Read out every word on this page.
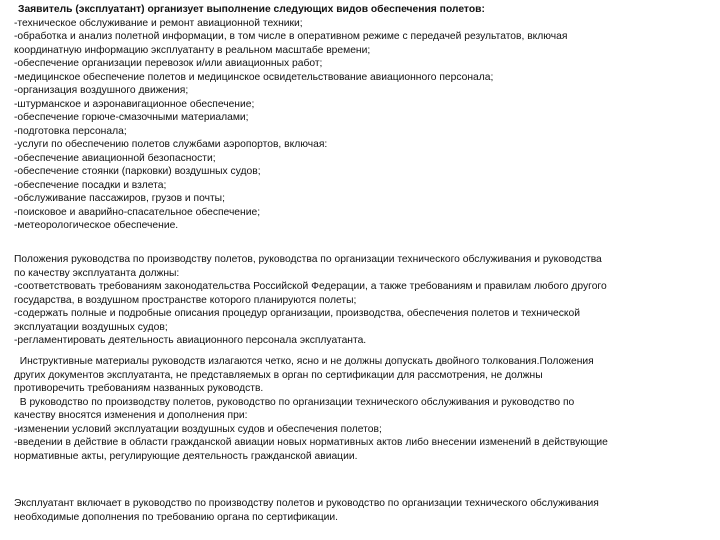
Заявитель (эксплуатант) организует выполнение следующих видов обеспечения полетов:
-техническое обслуживание и ремонт авиационной техники;
-обработка и анализ полетной информации, в том числе в оперативном режиме с передачей результатов, включая
координатную информацию эксплуатанту в реальном масштабе времени;
-обеспечение организации перевозок и/или авиационных работ;
-медицинское обеспечение полетов и медицинское освидетельствование авиационного персонала;
-организация воздушного движения;
-штурманское и аэронавигационное обеспечение;
-обеспечение горюче-смазочными материалами;
-подготовка персонала;
-услуги по обеспечению полетов службами аэропортов, включая:
-обеспечение авиационной безопасности;
-обеспечение стоянки (парковки) воздушных судов;
-обеспечение посадки и взлета;
-обслуживание пассажиров, грузов и почты;
-поисковое и аварийно-спасательное обеспечение;
-метеорологическое обеспечение.
Положения руководства по производству полетов, руководства по организации технического обслуживания и руководства
по качеству эксплуатанта должны:
-соответствовать требованиям законодательства Российской Федерации, а также требованиям и правилам любого другого
государства, в воздушном пространстве которого планируются полеты;
-содержать полные и подробные описания процедур организации, производства, обеспечения полетов и технической
эксплуатации воздушных судов;
-регламентировать деятельность авиационного персонала эксплуатанта.
Инструктивные материалы руководств излагаются четко, ясно и не должны допускать двойного толкования.Положения
других документов эксплуатанта, не представляемых в орган по сертификации для рассмотрения, не должны
противоречить требованиям названных руководств.
В руководство по производству полетов, руководство по организации технического обслуживания и руководство по
качеству вносятся изменения и дополнения при:
-изменении условий эксплуатации воздушных судов и обеспечения полетов;
-введении в действие в области гражданской авиации новых нормативных актов либо внесении изменений в действующие
нормативные акты, регулирующие деятельность гражданской авиации.
Эксплуатант включает в руководство по производству полетов и руководство по организации технического обслуживания
необходимые дополнения по требованию органа по сертификации.
